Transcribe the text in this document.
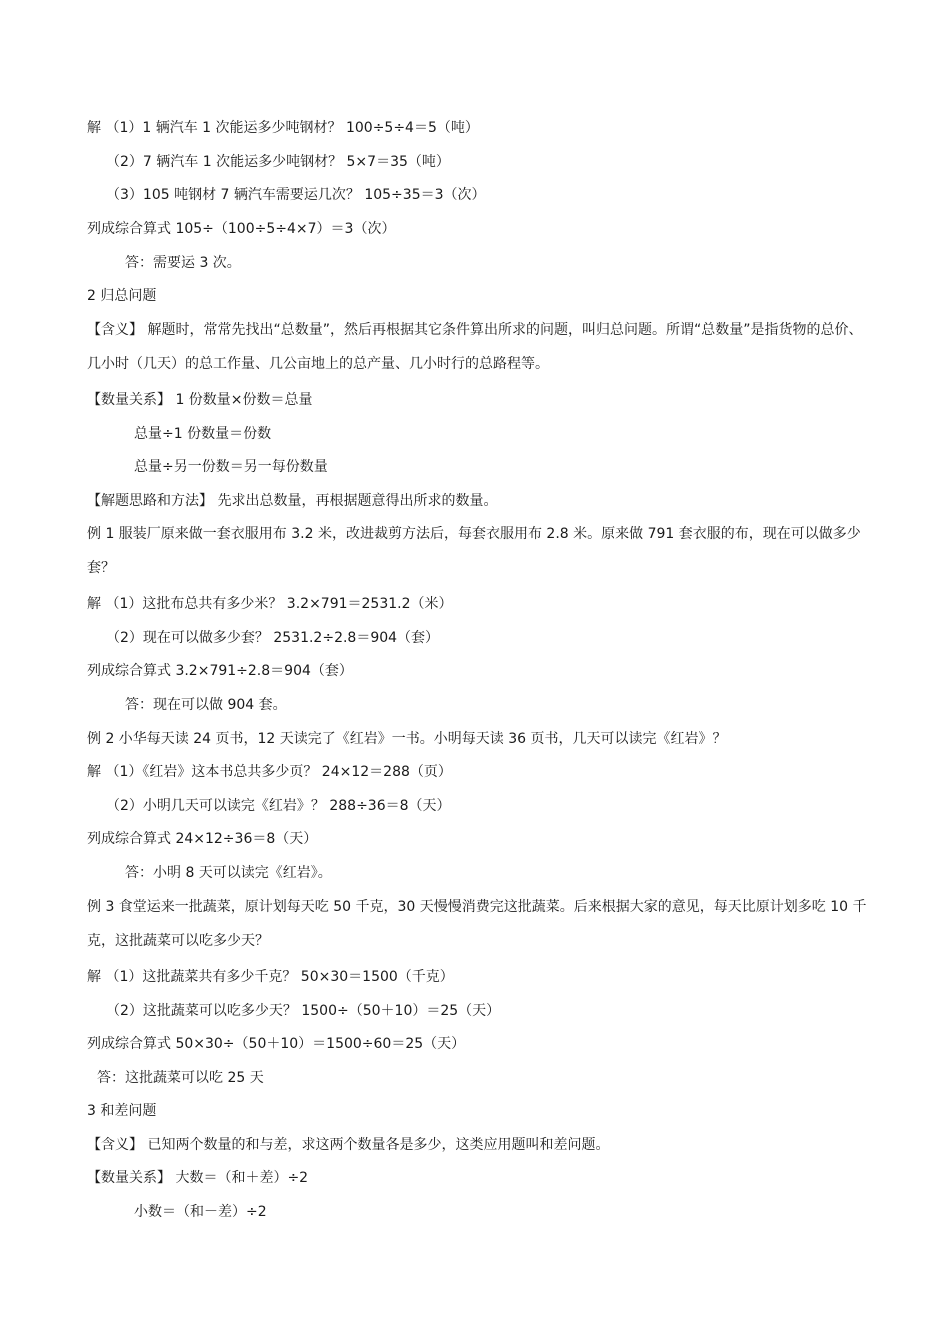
解 （1）1 辆汽车 1 次能运多少吨钢材？ 100÷5÷4＝5（吨）
（2）7 辆汽车 1 次能运多少吨钢材？ 5×7＝35（吨）
（3）105 吨钢材 7 辆汽车需要运几次？ 105÷35＝3（次）
列成综合算式 105÷（100÷5÷4×7）＝3（次）
答：需要运 3 次。
2 归总问题
【含义】 解题时，常常先找出“总数量”，然后再根据其它条件算出所求的问题，叫归总问题。所谓“总数量”是指货物的总价、几小时（几天）的总工作量、几公亩地上的总产量、几小时行的总路程等。
【数量关系】 1 份数量×份数＝总量
总量÷1 份数量＝份数
总量÷另一份数＝另一每份数量
【解题思路和方法】 先求出总数量，再根据题意得出所求的数量。
例 1 服装厂原来做一套衣服用布 3.2 米，改进裁剪方法后，每套衣服用布 2.8 米。原来做 791 套衣服的布，现在可以做多少套？
解 （1）这批布总共有多少米？ 3.2×791＝2531.2（米）
（2）现在可以做多少套？ 2531.2÷2.8＝904（套）
列成综合算式 3.2×791÷2.8＝904（套）
答：现在可以做 904 套。
例 2 小华每天读 24 页书，12 天读完了《红岩》一书。小明每天读 36 页书，几天可以读完《红岩》？
解 （1）《红岩》这本书总共多少页？ 24×12＝288（页）
（2）小明几天可以读完《红岩》？ 288÷36＝8（天）
列成综合算式 24×12÷36＝8（天）
答：小明 8 天可以读完《红岩》。
例 3 食堂运来一批蔬菜，原计划每天吃 50 千克，30 天慢慢消费完这批蔬菜。后来根据大家的意见，每天比原计划多吃 10 千克，这批蔬菜可以吃多少天？
解 （1）这批蔬菜共有多少千克？ 50×30＝1500（千克）
（2）这批蔬菜可以吃多少天？ 1500÷（50＋10）＝25（天）
列成综合算式 50×30÷（50＋10）＝1500÷60＝25（天）
答：这批蔬菜可以吃 25 天
3 和差问题
【含义】 已知两个数量的和与差，求这两个数量各是多少，这类应用题叫和差问题。
【数量关系】 大数＝（和＋差）÷2
小数＝（和－差）÷2
